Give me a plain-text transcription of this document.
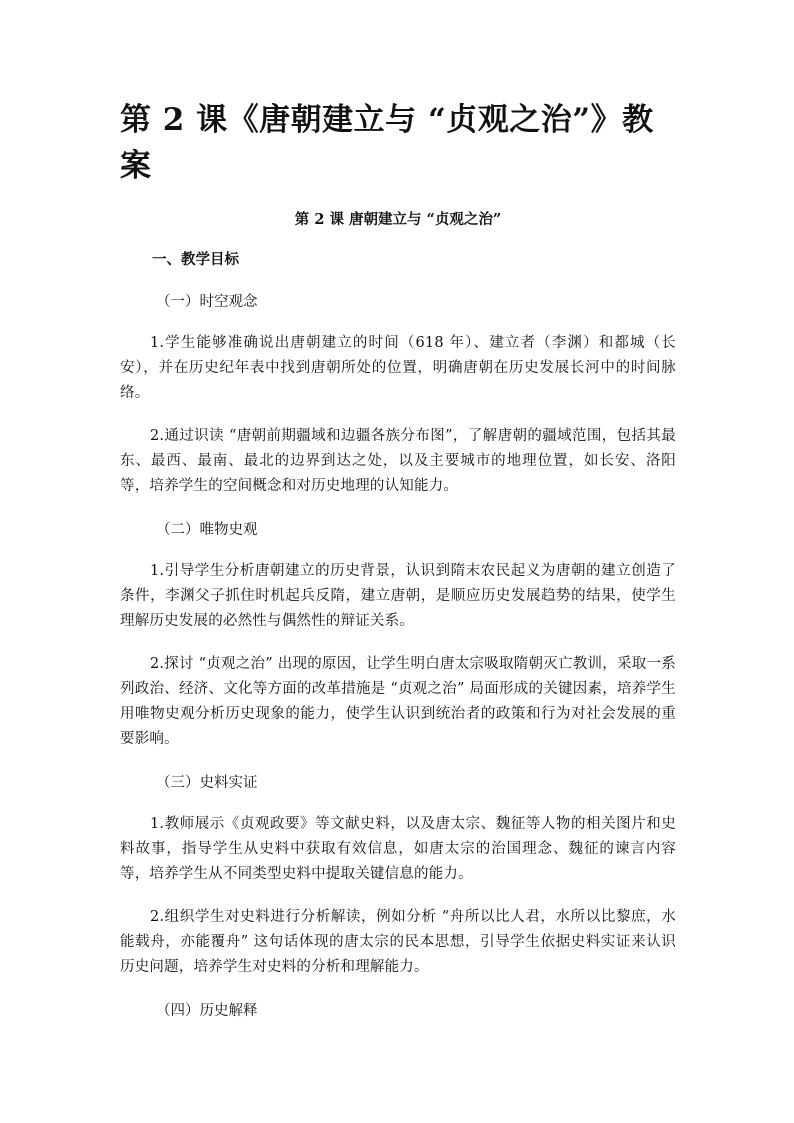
第 2 课《唐朝建立与 “贞观之治”》教案
第 2 课 唐朝建立与 “贞观之治”
一、教学目标
（一）时空观念

1.学生能够准确说出唐朝建立的时间（618 年）、建立者（李渊）和都城（长安），并在历史纪年表中找到唐朝所处的位置，明确唐朝在历史发展长河中的时间脉络。

2.通过识读 “唐朝前期疆域和边疆各族分布图”，了解唐朝的疆域范围，包括其最东、最西、最南、最北的边界到达之处，以及主要城市的地理位置，如长安、洛阳等，培养学生的空间概念和对历史地理的认知能力。

（二）唯物史观

1.引导学生分析唐朝建立的历史背景，认识到隋末农民起义为唐朝的建立创造了条件，李渊父子抓住时机起兵反隋，建立唐朝，是顺应历史发展趋势的结果，使学生理解历史发展的必然性与偶然性的辩证关系。

2.探讨 “贞观之治” 出现的原因，让学生明白唐太宗吸取隋朝灭亡教训，采取一系列政治、经济、文化等方面的改革措施是 “贞观之治” 局面形成的关键因素，培养学生用唯物史观分析历史现象的能力，使学生认识到统治者的政策和行为对社会发展的重要影响。

（三）史料实证

1.教师展示《贞观政要》等文献史料，以及唐太宗、魏征等人物的相关图片和史料故事，指导学生从史料中获取有效信息，如唐太宗的治国理念、魏征的谏言内容等，培养学生从不同类型史料中提取关键信息的能力。

2.组织学生对史料进行分析解读，例如分析 “舟所以比人君，水所以比黎庶，水能载舟，亦能覆舟” 这句话体现的唐太宗的民本思想，引导学生依据史料实证来认识历史问题，培养学生对史料的分析和理解能力。

（四）历史解释
